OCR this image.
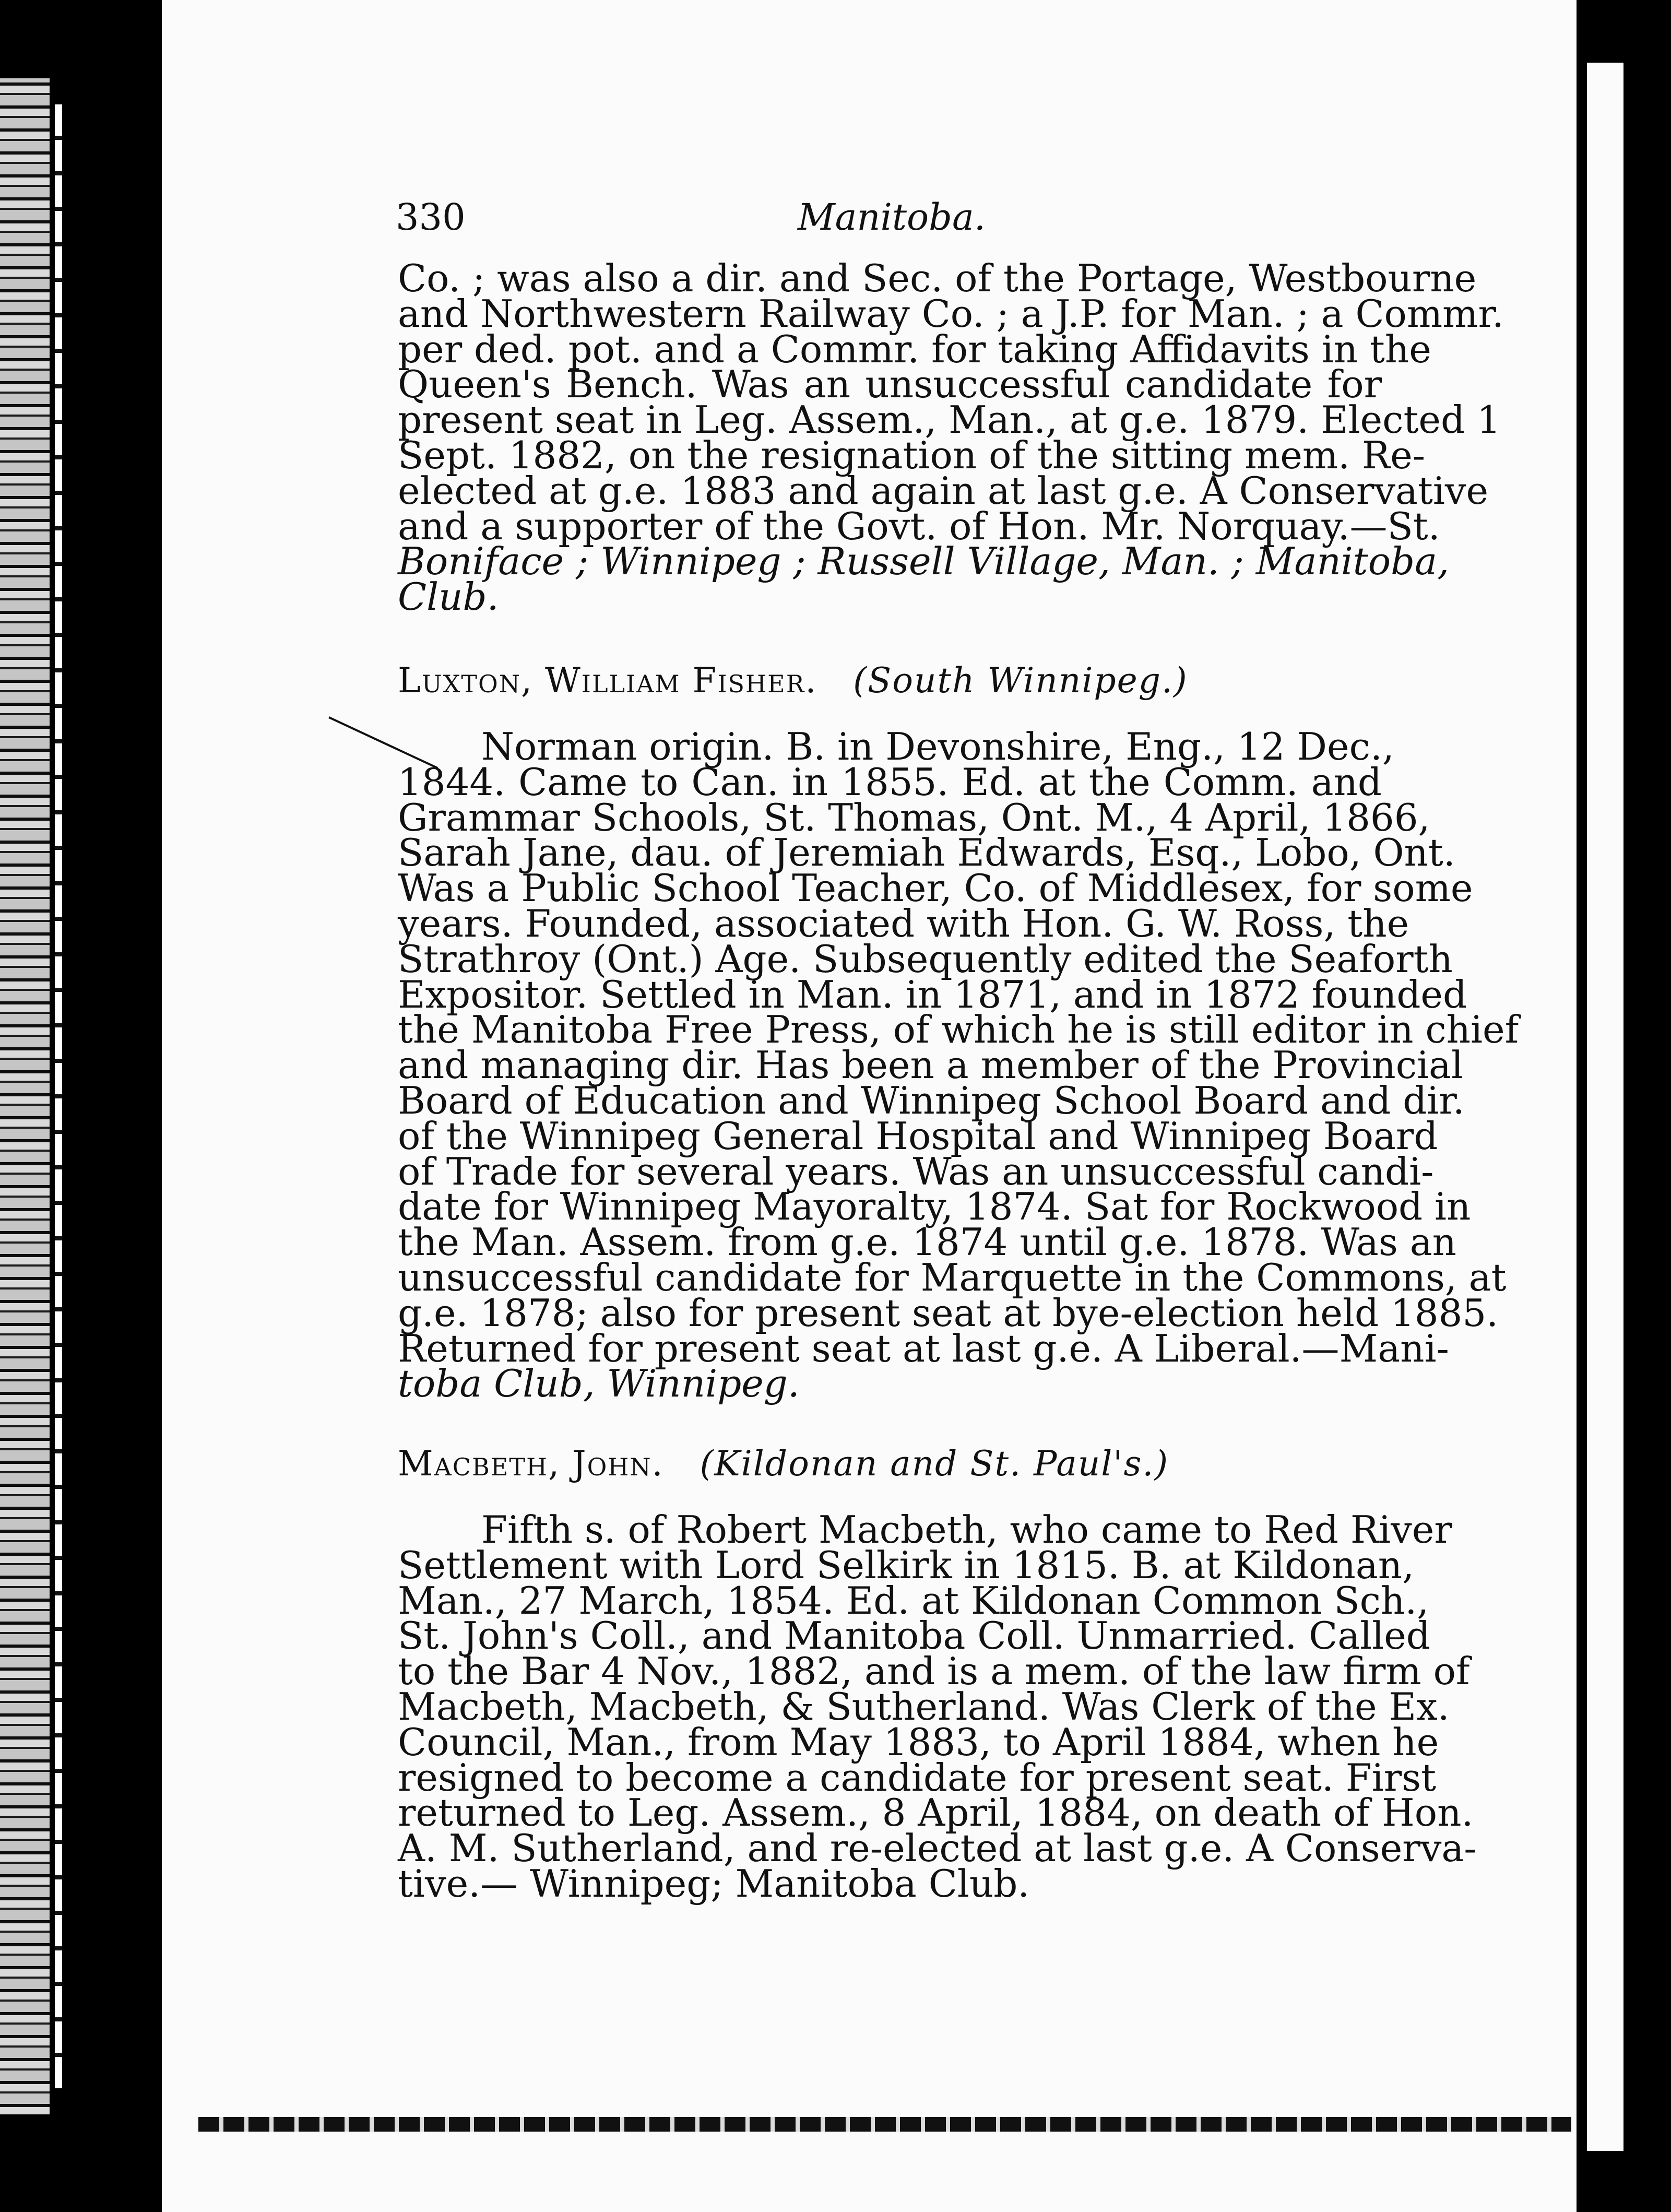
330	Manitoba.
Co. ; was also a dir. and Sec. of the Portage, Westbourne
and Northwestern Railway Co. ; a J.P. for Man. ; a Commr.
per ded. pot. and a Commr. for taking Affidavits in the
Queen's Bench. Was an unsuccessful candidate for
present seat in Leg. Assem., Man., at g.e. 1879. Elected 1
Sept. 1882, on the resignation of the sitting mem. Re-
elected at g.e. 1883 and again at last g.e. A Conservative
and a supporter of the Govt. of Hon. Mr. Norquay.—St.
Boniface ; Winnipeg ; Russell Village, Man. ; Manitoba,
Club.
Luxton, William Fisher. (South Winnipeg.)
Norman origin. B. in Devonshire, Eng., 12 Dec.,
1844. Came to Can. in 1855. Ed. at the Comm. and
Grammar Schools, St. Thomas, Ont. M., 4 April, 1866,
Sarah Jane, dau. of Jeremiah Edwards, Esq., Lobo, Ont.
Was a Public School Teacher, Co. of Middlesex, for some
years. Founded, associated with Hon. G. W. Ross, the
Strathroy (Ont.) Age. Subsequently edited the Seaforth
Expositor. Settled in Man. in 1871, and in 1872 founded
the Manitoba Free Press, of which he is still editor in chief
and managing dir. Has been a member of the Provincial
Board of Education and Winnipeg School Board and dir.
of the Winnipeg General Hospital and Winnipeg Board
of Trade for several years. Was an unsuccessful candi-
date for Winnipeg Mayoralty, 1874. Sat for Rockwood in
the Man. Assem. from g.e. 1874 until g.e. 1878. Was an
unsuccessful candidate for Marquette in the Commons, at
g.e. 1878; also for present seat at bye-election held 1885.
Returned for present seat at last g.e. A Liberal.—Mani-
toba Club, Winnipeg.
Macbeth, John. (Kildonan and St. Paul's.)
Fifth s. of Robert Macbeth, who came to Red River
Settlement with Lord Selkirk in 1815. B. at Kildonan,
Man., 27 March, 1854. Ed. at Kildonan Common Sch.,
St. John's Coll., and Manitoba Coll. Unmarried. Called
to the Bar 4 Nov., 1882, and is a mem. of the law firm of
Macbeth, Macbeth, & Sutherland. Was Clerk of the Ex.
Council, Man., from May 1883, to April 1884, when he
resigned to become a candidate for present seat. First
returned to Leg. Assem., 8 April, 1884, on death of Hon.
A. M. Sutherland, and re-elected at last g.e. A Conserva-
tive.— Winnipeg; Manitoba Club.
